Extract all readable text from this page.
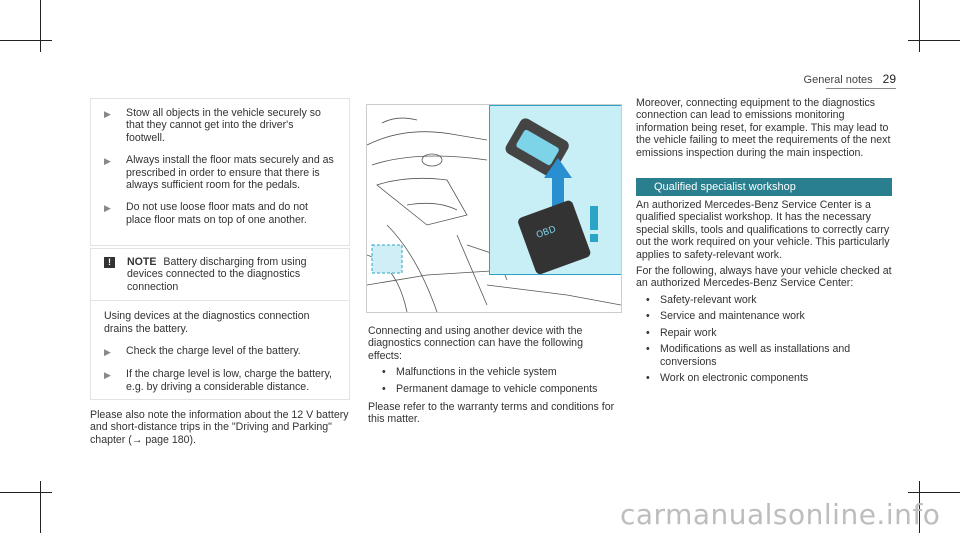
General notes 29
▶	Stow all objects in the vehicle securely so that they cannot get into the driver's footwell.
▶	Always install the floor mats securely and as prescribed in order to ensure that there is always sufficient room for the pedals.
▶	Do not use loose floor mats and do not place floor mats on top of one another.
!	NOTE Battery discharging from using devices connected to the diagnostics connection

Using devices at the diagnostics connection drains the battery.

▶	Check the charge level of the battery.
▶	If the charge level is low, charge the battery, e.g. by driving a considerable distance.

Please also note the information about the 12 V battery and short-distance trips in the "Driving and Parking" chapter (→ page 180).

OBD

Connecting and using another device with the diagnostics connection can have the following effects:

• Malfunctions in the vehicle system
• Permanent damage to vehicle components

Please refer to the warranty terms and conditions for this matter.

Moreover, connecting equipment to the diagnostics connection can lead to emissions monitoring information being reset, for example. This may lead to the vehicle failing to meet the requirements of the next emissions inspection during the main inspection.

Qualified specialist workshop

An authorized Mercedes-Benz Service Center is a qualified specialist workshop. It has the necessary special skills, tools and qualifications to correctly carry out the work required on your vehicle. This particularly applies to safety-relevant work.

For the following, always have your vehicle checked at an authorized Mercedes-Benz Service Center:

• Safety-relevant work
• Service and maintenance work
• Repair work
• Modifications as well as installations and conversions
• Work on electronic components
carmanualsonline.info
